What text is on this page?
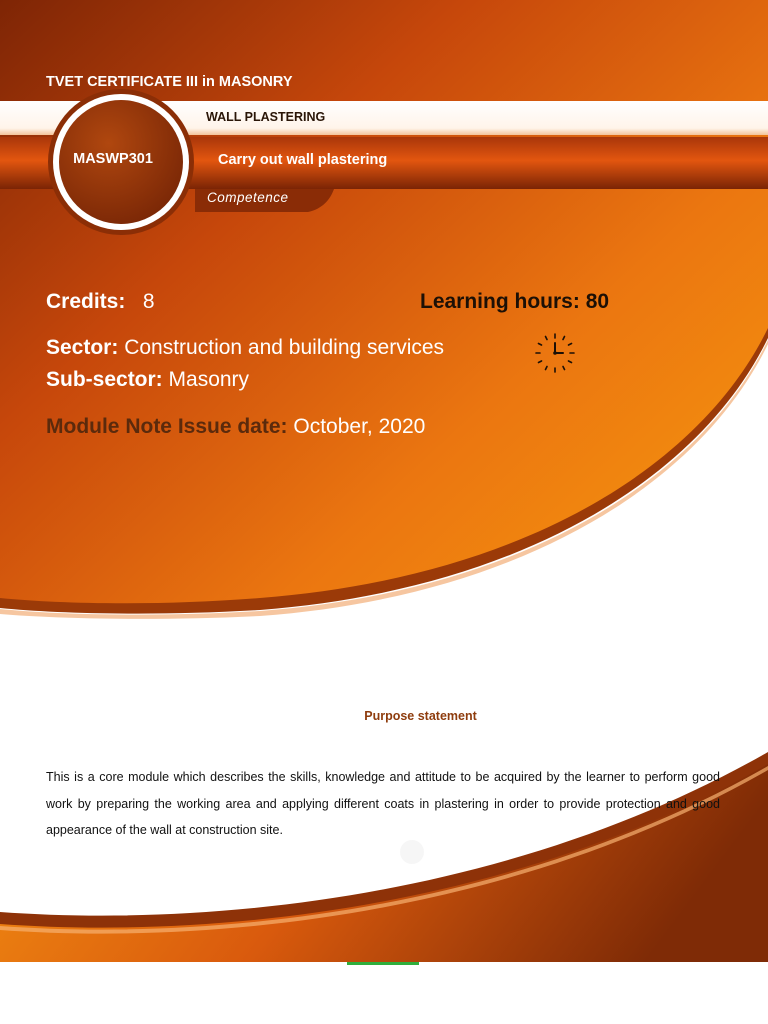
TVET CERTIFICATE III in MASONRY
WALL PLASTERING
MASWP301	Carry out wall plastering
Competence
Credits: 8	Learning hours: 80
Sector: Construction and building services
Sub-sector: Masonry
Module Note Issue date: October, 2020
Purpose statement
This is a core module which describes the skills, knowledge and attitude to be acquired by the learner to perform good work by preparing the working area and applying different coats in plastering in order to provide protection and good appearance of the wall at construction site.
